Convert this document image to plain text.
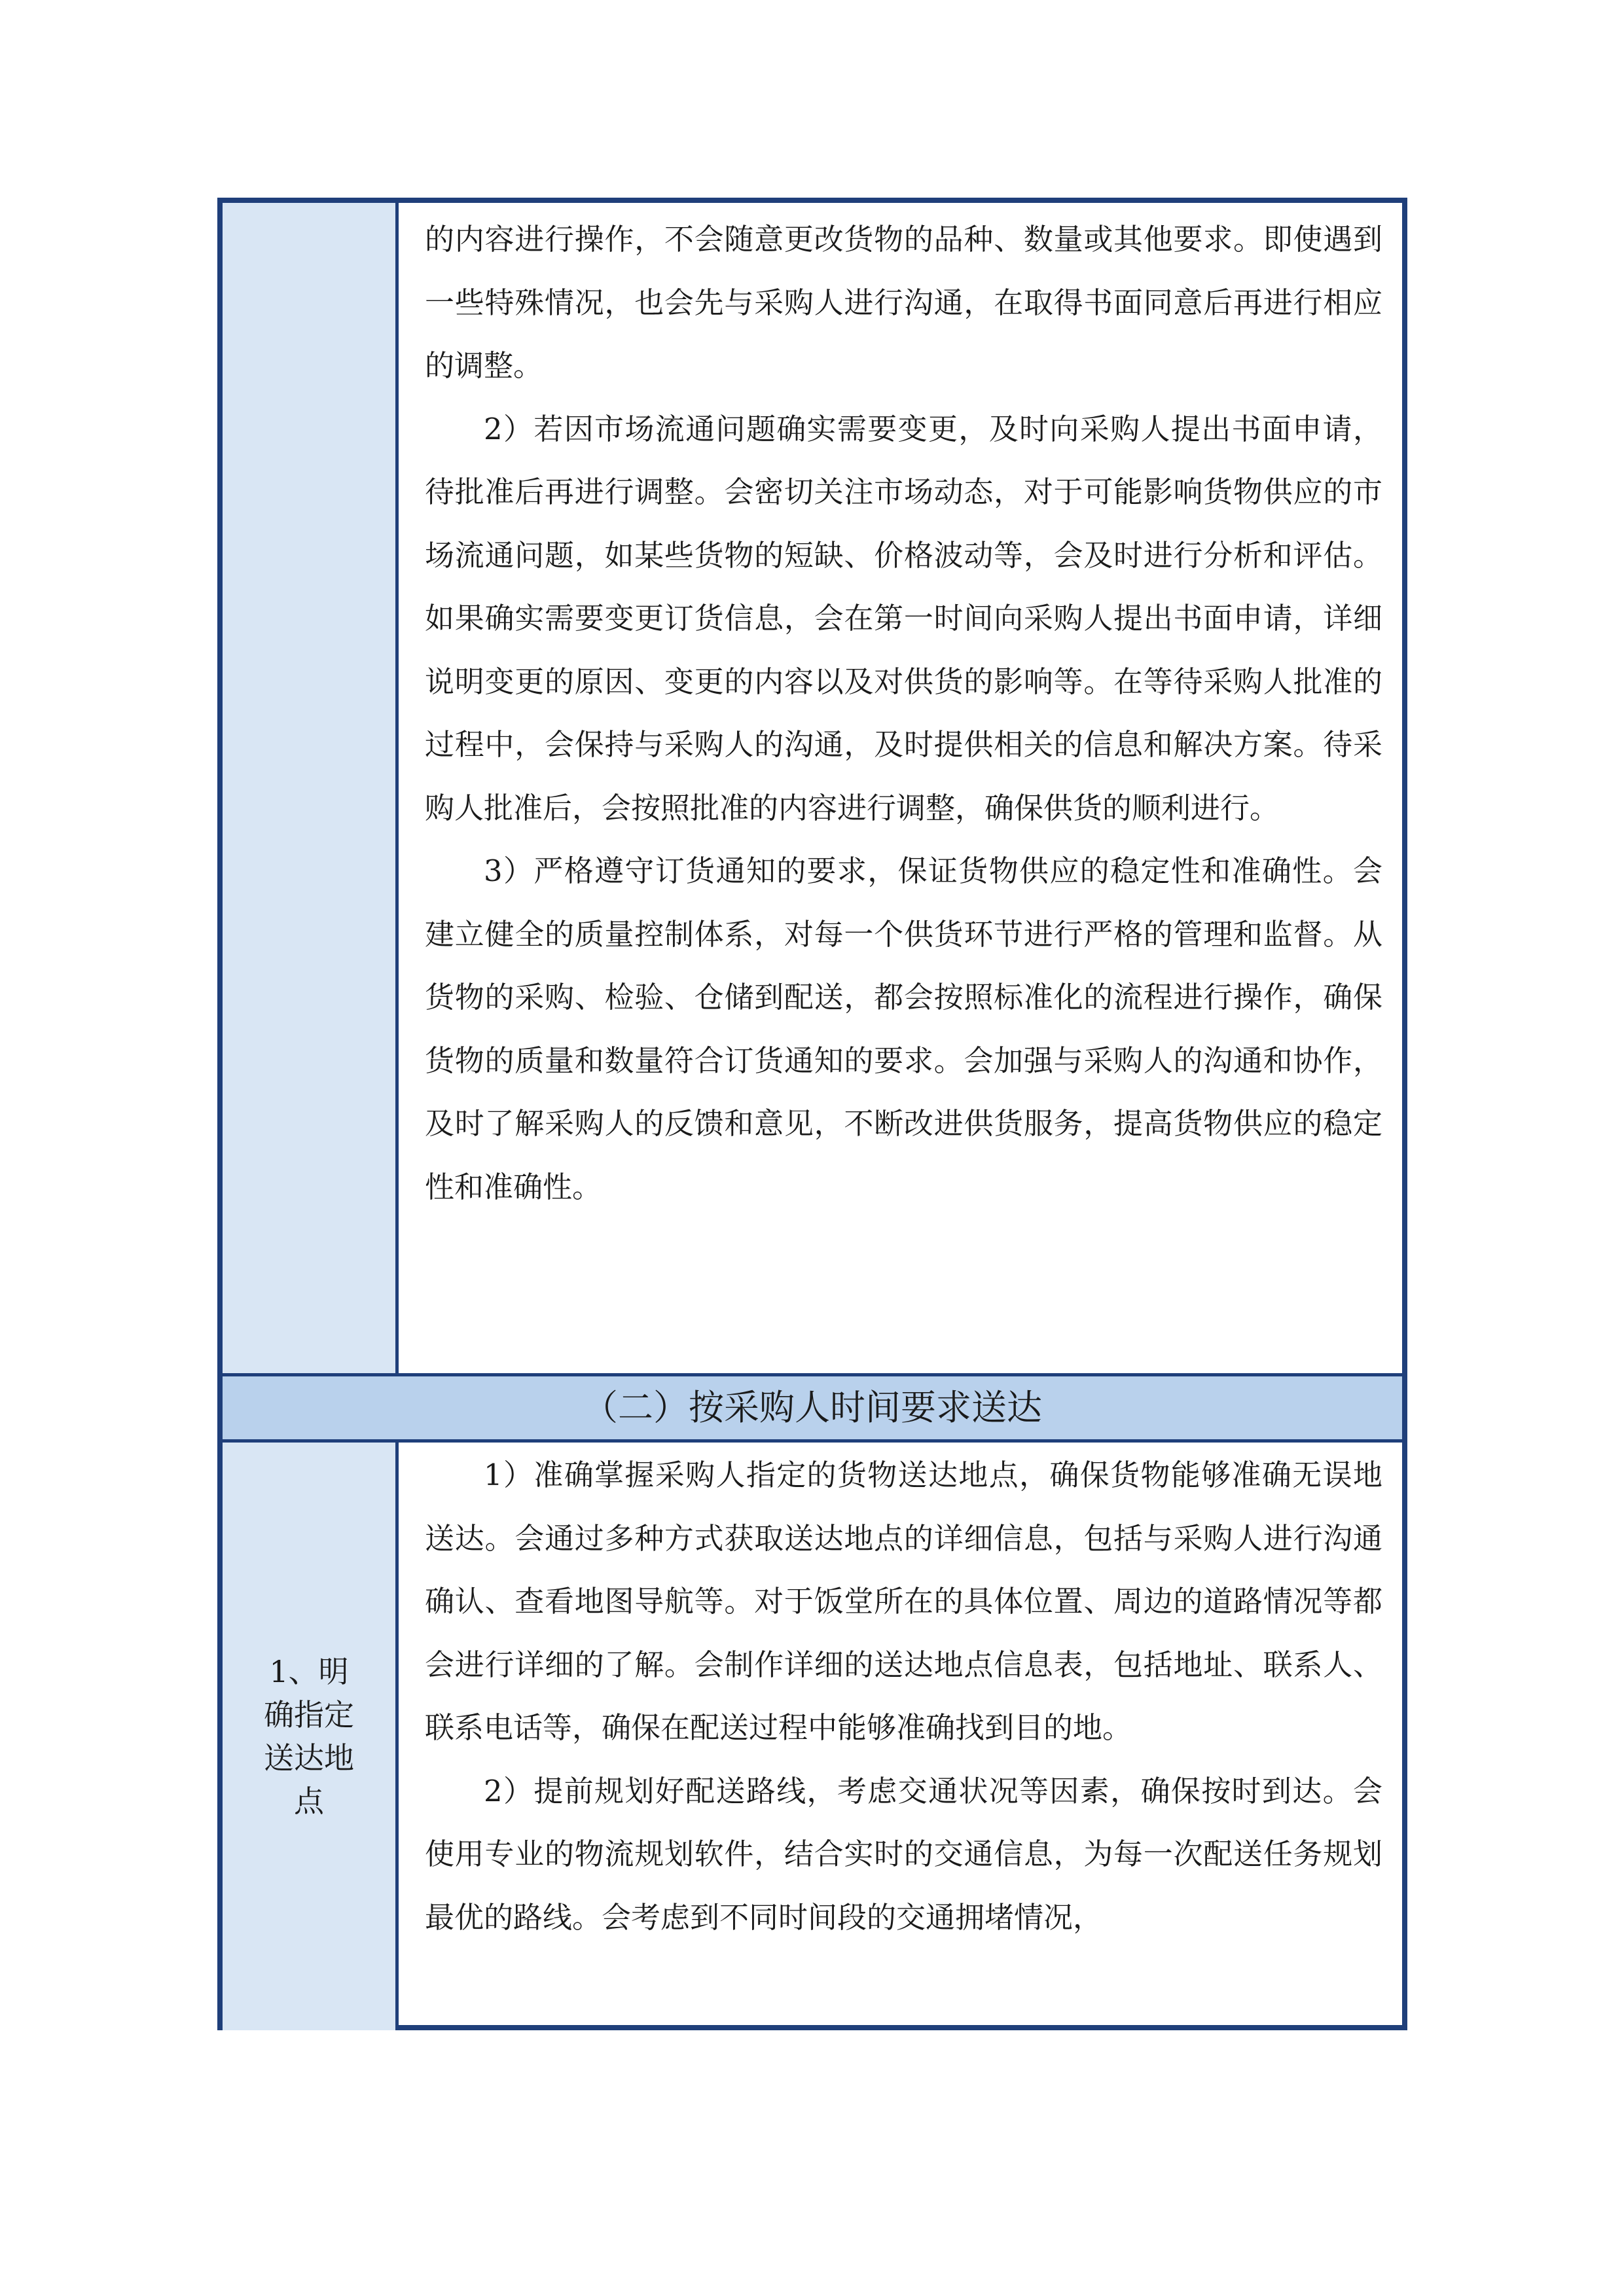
的内容进行操作，不会随意更改货物的品种、数量或其他要求。即使遇到一些特殊情况，也会先与采购人进行沟通，在取得书面同意后再进行相应的调整。

2）若因市场流通问题确实需要变更，及时向采购人提出书面申请，待批准后再进行调整。会密切关注市场动态，对于可能影响货物供应的市场流通问题，如某些货物的短缺、价格波动等，会及时进行分析和评估。如果确实需要变更订货信息，会在第一时间向采购人提出书面申请，详细说明变更的原因、变更的内容以及对供货的影响等。在等待采购人批准的过程中，会保持与采购人的沟通，及时提供相关的信息和解决方案。待采购人批准后，会按照批准的内容进行调整，确保供货的顺利进行。

3）严格遵守订货通知的要求，保证货物供应的稳定性和准确性。会建立健全的质量控制体系，对每一个供货环节进行严格的管理和监督。从货物的采购、检验、仓储到配送，都会按照标准化的流程进行操作，确保货物的质量和数量符合订货通知的要求。会加强与采购人的沟通和协作，及时了解采购人的反馈和意见，不断改进供货服务，提高货物供应的稳定性和准确性。

（二）按采购人时间要求送达
1、明确指定送达地点

1）准确掌握采购人指定的货物送达地点，确保货物能够准确无误地送达。会通过多种方式获取送达地点的详细信息，包括与采购人进行沟通确认、查看地图导航等。对于饭堂所在的具体位置、周边的道路情况等都会进行详细的了解。会制作详细的送达地点信息表，包括地址、联系人、联系电话等，确保在配送过程中能够准确找到目的地。

2）提前规划好配送路线，考虑交通状况等因素，确保按时到达。会使用专业的物流规划软件，结合实时的交通信息，为每一次配送任务规划最优的路线。会考虑到不同时间段的交通拥堵情况，
